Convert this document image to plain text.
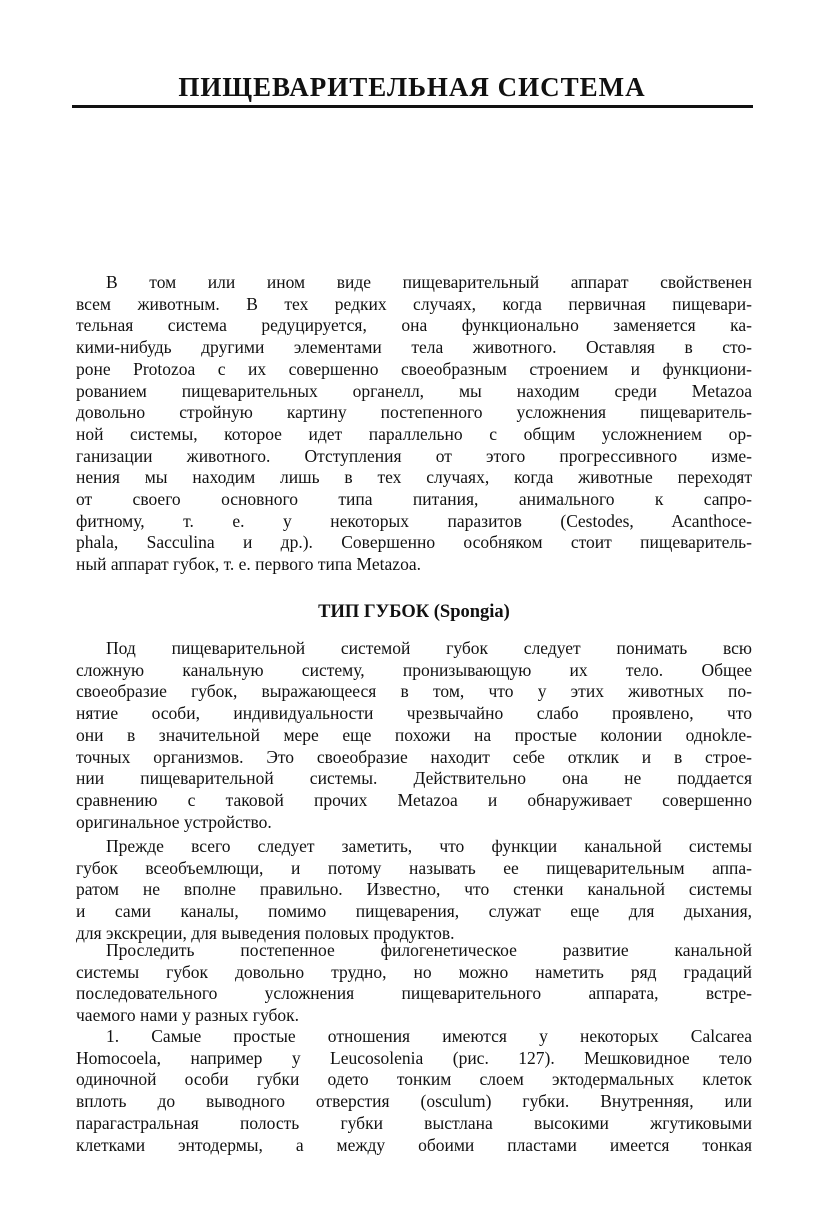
ПИЩЕВАРИТЕЛЬНАЯ СИСТЕМА
В том или ином виде пищеварительный аппарат свойственен
всем животным. В тех редких случаях, когда первичная пищевари-
тельная система редуцируется, она функционально заменяется ка-
кими-нибудь другими элементами тела животного. Оставляя в сто-
роне Protozoa с их совершенно своеобразным строением и функциони-
рованием пищеварительных органелл, мы находим среди Metazoa
довольно стройную картину постепенного усложнения пищеваритель-
ной системы, которое идет параллельно с общим усложнением ор-
ганизации животного. Отступления от этого прогрессивного изме-
нения мы находим лишь в тех случаях, когда животные переходят
от своего основного типа питания, анимального к сапро-
фитному, т. е. у некоторых паразитов (Cestodes, Acanthoce-
phala, Sacculina и др.). Совершенно особняком стоит пищеваритель-
ный аппарат губок, т. е. первого типа Metazoa.
ТИП ГУБОК (Spongia)
Под пищеварительной системой губок следует понимать всю
сложную канальную систему, пронизывающую их тело. Общее
своеобразие губок, выражающееся в том, что у этих животных по-
нятие особи, индивидуальности чрезвычайно слабо проявлено, что
они в значительной мере еще похожи на простые колонии одноkле-
точных организмов. Это своеобразие находит себе отклик и в строе-
нии пищеварительной системы. Действительно она не поддается
сравнению с таковой прочих Metazoa и обнаруживает совершенно
оригинальное устройство.
Прежде всего следует заметить, что функции канальной системы
губок всеобъемлющи, и потому называть ее пищеварительным аппа-
ратом не вполне правильно. Известно, что стенки канальной системы
и сами каналы, помимо пищеварения, служат еще для дыхания,
для экскреции, для выведения половых продуктов.
Проследить постепенное филогенетическое развитие канальной
системы губок довольно трудно, но можно наметить ряд градаций
последовательного усложнения пищеварительного аппарата, встре-
чаемого нами у разных губок.
1. Самые простые отношения имеются у некоторых Calcarea
Homocoela, например у Leucosolenia (рис. 127). Мешковидное тело
одиночной особи губки одето тонким слоем эктодермальных клеток
вплоть до выводного отверстия (osculum) губки. Внутренняя, или
парагастральная полость губки выстлана высокими жгутиковыми
клетками энтодермы, а между обоими пластами имеется тонкая
